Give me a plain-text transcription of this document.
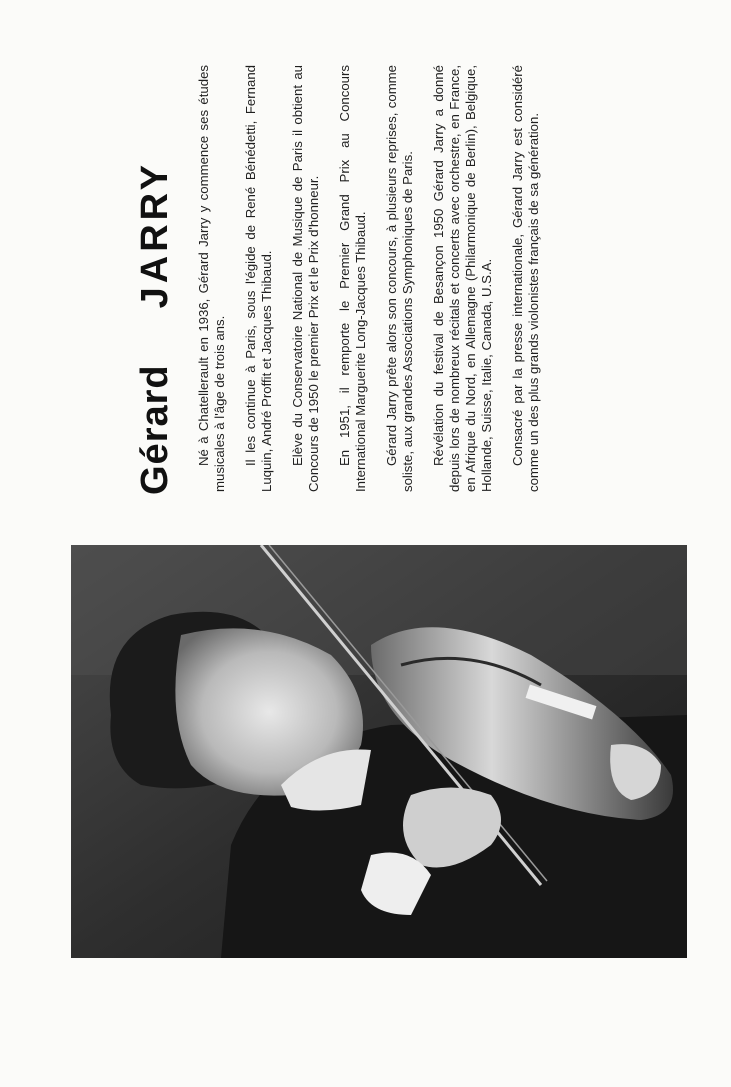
GérardJARRY	Né à Chatellerault en 1936, Gérard Jarry y commence ses études musicales à l'âge de trois ans. Il les continue à Paris, sous l'égide de René Bénédetti, Fernand Luquin, André Proffit et Jacques Thibaud. Elève du Conservatoire National de Musique de Paris il obtient au Concours de 1950 le premier Prix et le Prix d'honneur. En 1951, il remporte le Premier Grand Prix au Concours International Marguerite Long-Jacques Thibaud. Gérard Jarry prête alors son concours, à plusieurs reprises, comme soliste, aux grandes Associations Symphoniques de Paris. Révélation du festival de Besançon 1950 Gérard Jarry a donné depuis lors de nombreux récitals et concerts avec orchestre, en France, en Afrique du Nord, en Allemagne (Philarmonique de Berlin), Belgique, Hollande, Suisse, Italie, Canada, U.S.A. Consacré par la presse internationale, Gérard Jarry est considéré comme un des plus grands violonistes français de sa génération.
